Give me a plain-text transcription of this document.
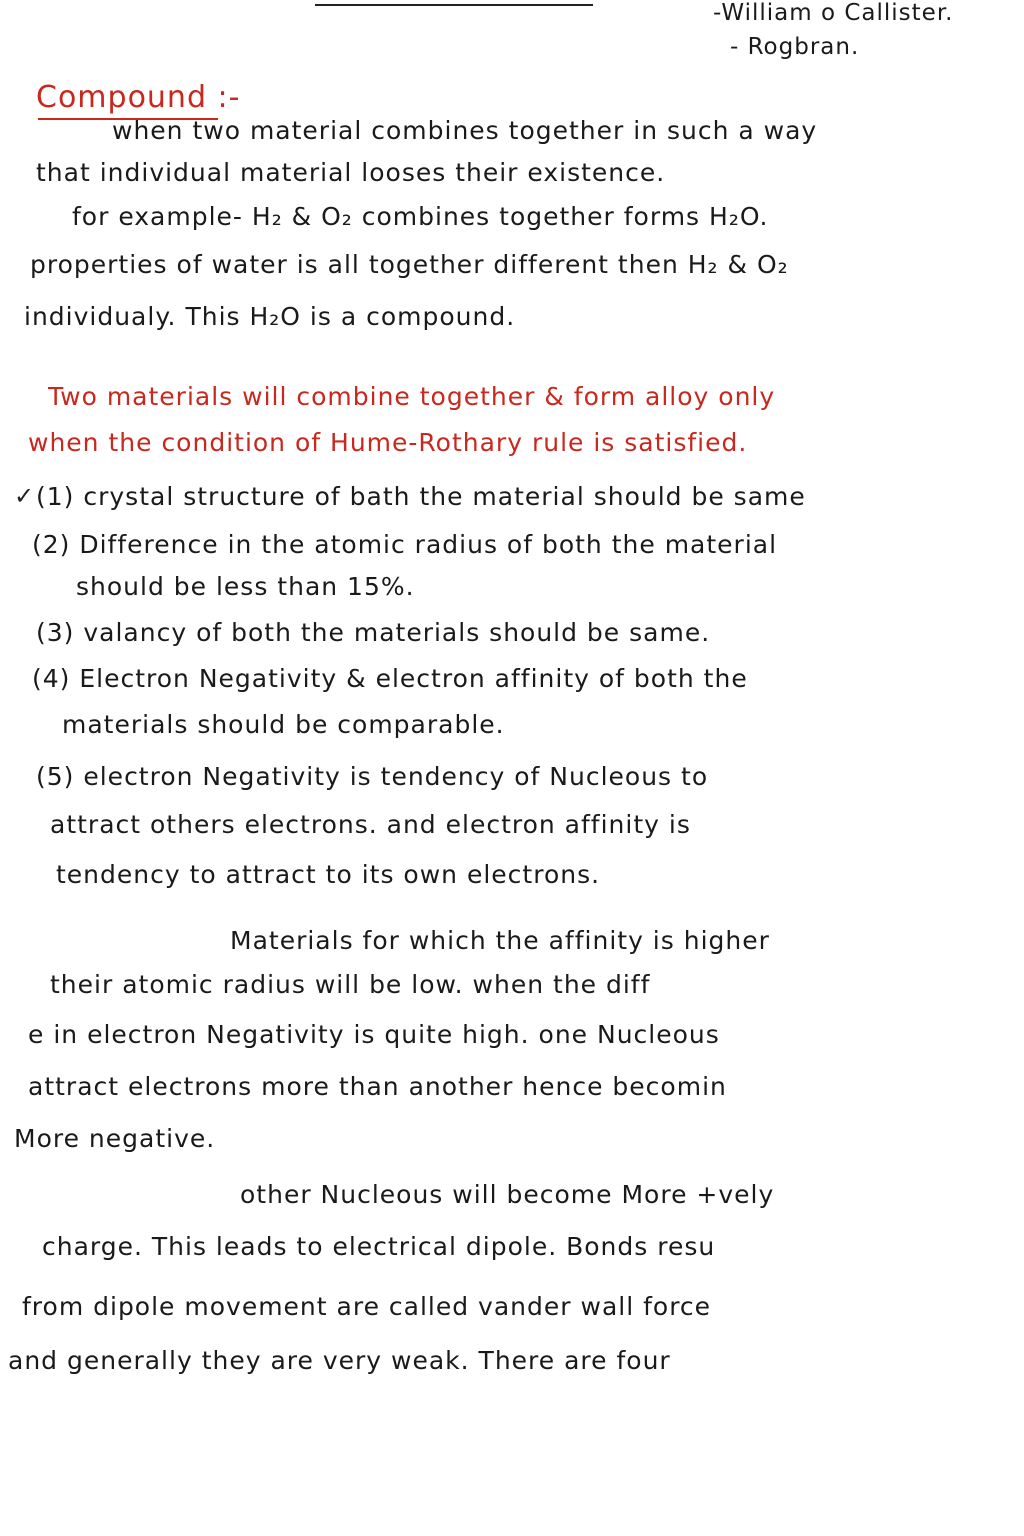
-William o Callister.
- Rogbran.
Compound :-
when two material combines together in such a way
that individual material looses their existence.
for example- H₂ & O₂ combines together forms H₂O.
properties of water is all together different then H₂ & O₂
individualy. This H₂O is a compound.
Two materials will combine together & form alloy only
when the condition of Hume-Rothary rule is satisfied.
✓ (1) crystal structure of bath the material should be same
(2) Difference in the atomic radius of both the material
should be less than 15%.
(3) valancy of both the materials should be same.
(4) Electron Negativity & electron affinity of both the
materials should be comparable.
(5) electron Negativity is tendency of Nucleous to
attract others electrons. and electron affinity is
tendency to attract to its own electrons.
Materials for which the affinity is higher
their atomic radius will be low. when the diff
e in electron Negativity is quite high. one Nucleous
attract electrons more than another hence becomin
More negative.
other Nucleous will become More +vely
charge. This leads to electrical dipole. Bonds resu
from dipole movement are called vander wall force
and generally they are very weak. There are four
